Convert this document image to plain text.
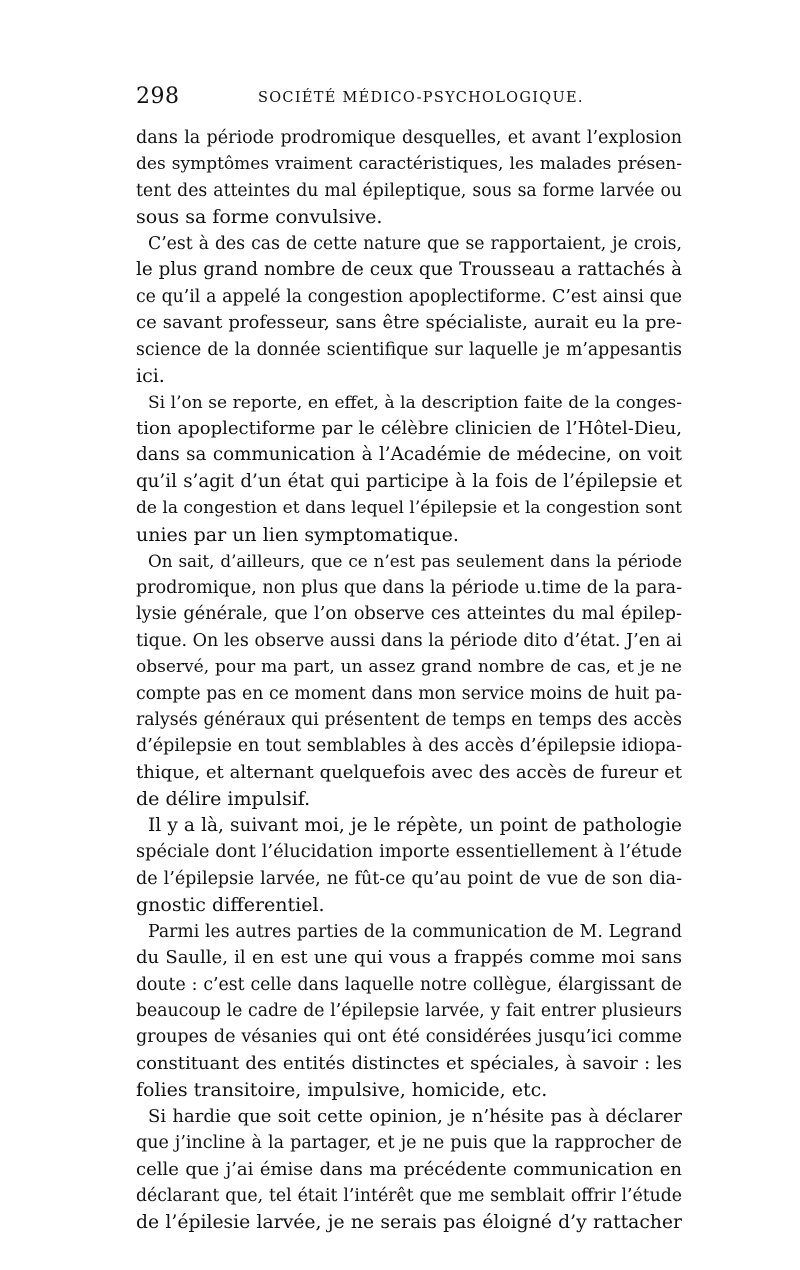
298	SOCIÉTÉ MÉDICO-PSYCHOLOGIQUE.
dans la période prodromique desquelles, et avant l’explosion
des symptômes vraiment caractéristiques, les malades présen-
tent des atteintes du mal épileptique, sous sa forme larvée ou
sous sa forme convulsive.
C’est à des cas de cette nature que se rapportaient, je crois,
le plus grand nombre de ceux que Trousseau a rattachés à
ce qu’il a appelé la congestion apoplectiforme. C’est ainsi que
ce savant professeur, sans être spécialiste, aurait eu la pre-
science de la donnée scientifique sur laquelle je m’appesantis
ici.
Si l’on se reporte, en effet, à la description faite de la conges-
tion apoplectiforme par le célèbre clinicien de l’Hôtel-Dieu,
dans sa communication à l’Académie de médecine, on voit
qu’il s’agit d’un état qui participe à la fois de l’épilepsie et
de la congestion et dans lequel l’épilepsie et la congestion sont
unies par un lien symptomatique.
On sait, d’ailleurs, que ce n’est pas seulement dans la période
prodromique, non plus que dans la période u.time de la para-
lysie générale, que l’on observe ces atteintes du mal épilep-
tique. On les observe aussi dans la période dito d’état. J’en ai
observé, pour ma part, un assez grand nombre de cas, et je ne
compte pas en ce moment dans mon service moins de huit pa-
ralysés généraux qui présentent de temps en temps des accès
d’épilepsie en tout semblables à des accès d’épilepsie idiopa-
thique, et alternant quelquefois avec des accès de fureur et
de délire impulsif.
Il y a là, suivant moi, je le répète, un point de pathologie
spéciale dont l’élucidation importe essentiellement à l’étude
de l’épilepsie larvée, ne fût-ce qu’au point de vue de son dia-
gnostic differentiel.
Parmi les autres parties de la communication de M. Legrand
du Saulle, il en est une qui vous a frappés comme moi sans
doute : c’est celle dans laquelle notre collègue, élargissant de
beaucoup le cadre de l’épilepsie larvée, y fait entrer plusieurs
groupes de vésanies qui ont été considérées jusqu’ici comme
constituant des entités distinctes et spéciales, à savoir : les
folies transitoire, impulsive, homicide, etc.
Si hardie que soit cette opinion, je n’hésite pas à déclarer
que j’incline à la partager, et je ne puis que la rapprocher de
celle que j’ai émise dans ma précédente communication en
déclarant que, tel était l’intérêt que me semblait offrir l’étude
de l’épilesie larvée, je ne serais pas éloigné d’y rattacher
